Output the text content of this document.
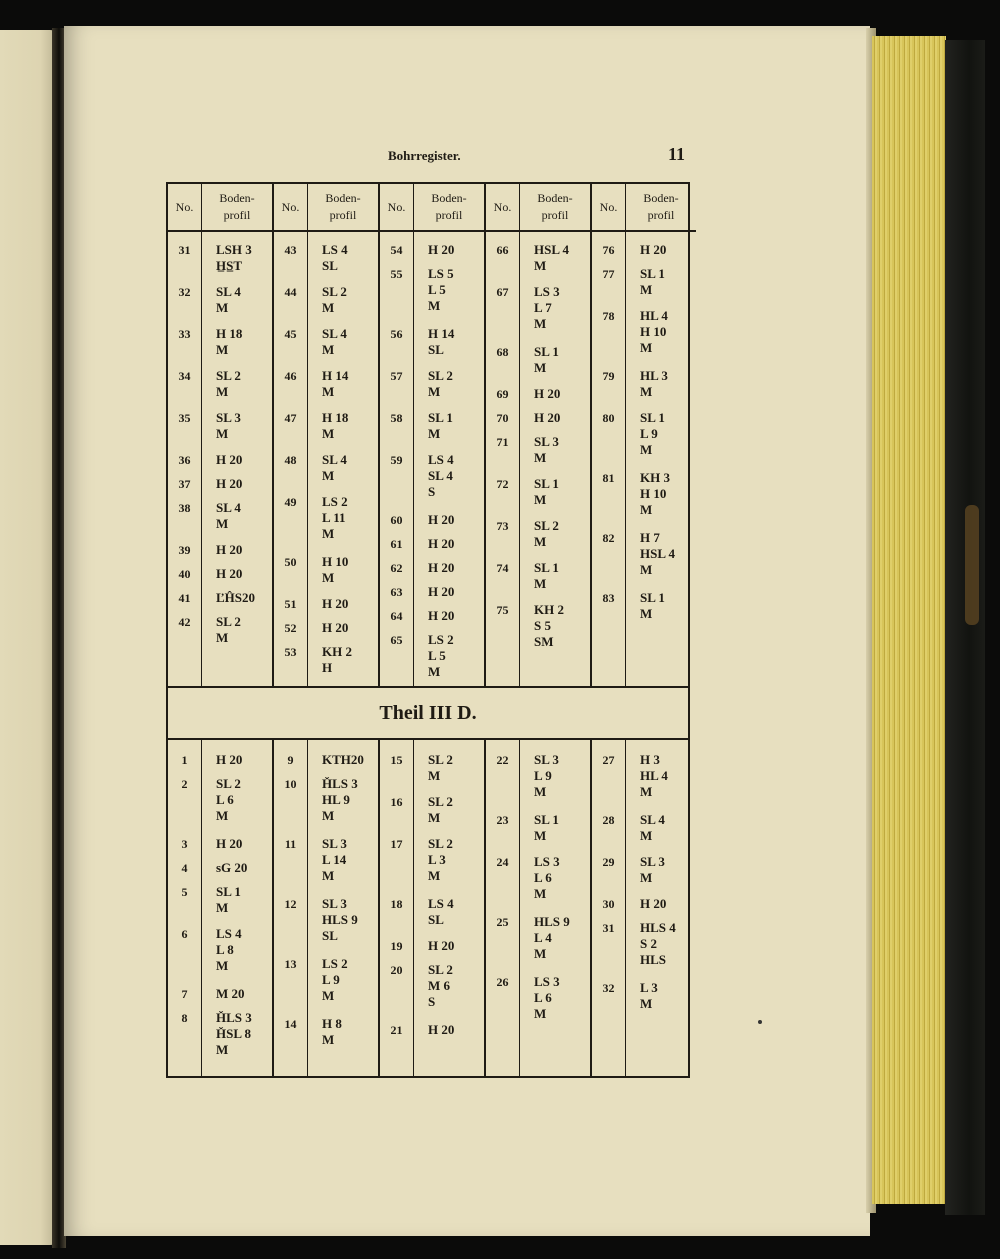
Bohrregister.	11
No.
31
32
33
34
35
36
37
38
39
40
41
42
Boden-
profil
LSH 3
H̲S̲T
SL 4
M
H 18
M
SL 2
M
SL 3
M
H 20
H 20
SL 4
M
H 20
H 20
ĽĤS20
SL 2
M
No.
43
44
45
46
47
48
49
50
51
52
53
Boden-
profil
LS 4
SL
SL 2
M
SL 4
M
H 14
M
H 18
M
SL 4
M
LS 2
L 11
M
H 10
M
H 20
H 20
KH 2
H
No.
54
55
56
57
58
59
60
61
62
63
64
65
Boden-
profil
H 20
LS 5
L 5
M
H 14
SL
SL 2
M
SL 1
M
LS 4
SL 4
S
H 20
H 20
H 20
H 20
H 20
LS 2
L 5
M
No.
66
67
68
69
70
71
72
73
74
75
Boden-
profil
HSL 4
M
LS 3
L 7
M
SL 1
M
H 20
H 20
SL 3
M
SL 1
M
SL 2
M
SL 1
M
KH 2
S 5
SM
No.
76
77
78
79
80
81
82
83
Boden-
profil
H 20
SL 1
M
HL 4
H 10
M
HL 3
M
SL 1
L 9
M
KH 3
H 10
M
H 7
HSL 4
M
SL 1
M
Theil III D.
1
2
3
4
5
6
7
8
H 20
SL 2
L 6
M
H 20
sG 20
SL 1
M
LS 4
L 8
M
M 20
ȞLS 3
ȞSL 8
M
9
10
11
12
13
14
KTH20
ȞLS 3
HL 9
M
SL 3
L 14
M
SL 3
HLS 9
SL
LS 2
L 9
M
H 8
M
15
16
17
18
19
20
21
SL 2
M
SL 2
M
SL 2
L 3
M
LS 4
SL
H 20
SL 2
M 6
S
H 20
22
23
24
25
26
SL 3
L 9
M
SL 1
M
LS 3
L 6
M
HLS 9
L 4
M
LS 3
L 6
M
27
28
29
30
31
32
H 3
HL 4
M
SL 4
M
SL 3
M
H 20
HLS 4
S 2
HLS
L 3
M
